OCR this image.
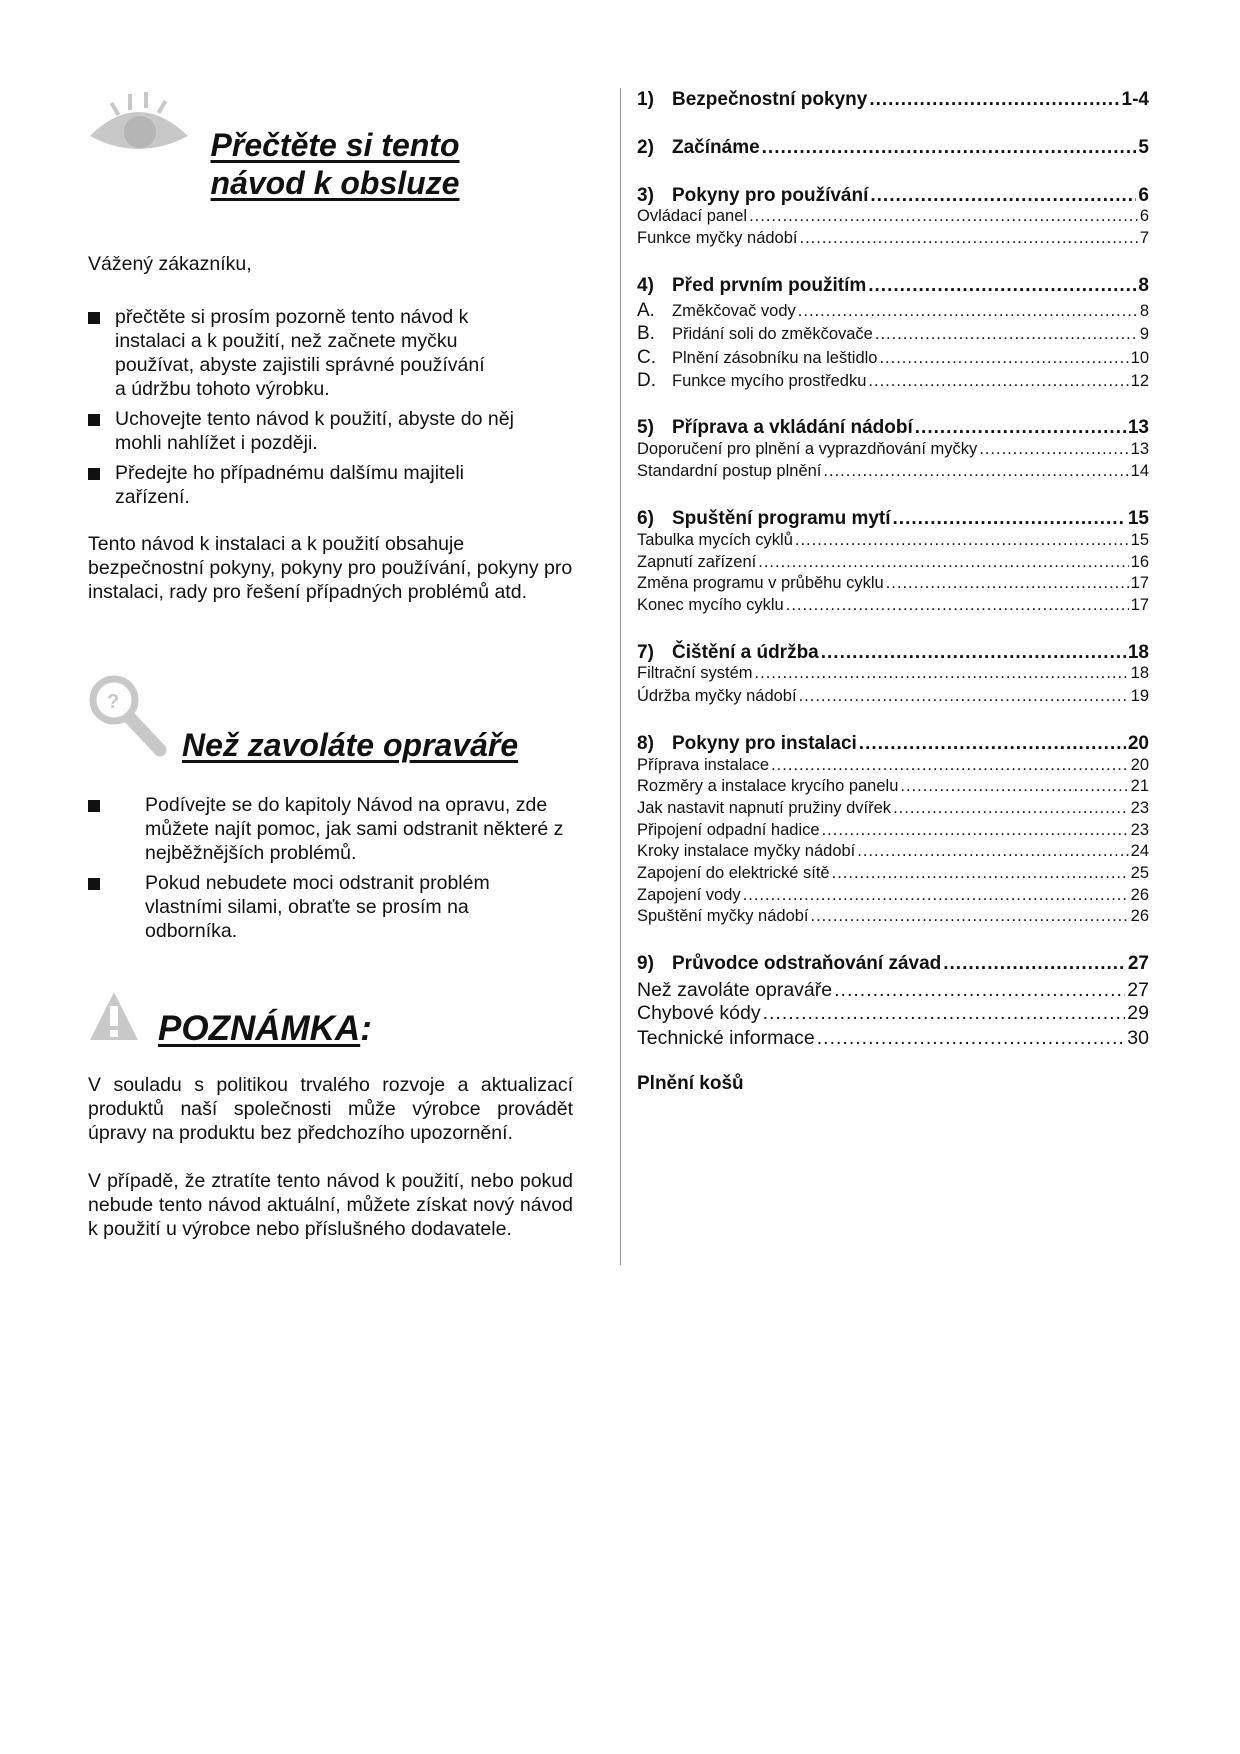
Přečtěte si tento
návod k obsluze
Vážený zákazníku,
přečtěte si prosím pozorně tento návod k instalaci a k použití, než začnete myčku používat, abyste zajistili správné používání a údržbu tohoto výrobku.
Uchovejte tento návod k použití, abyste do něj mohli nahlížet i později.
Předejte ho případnému dalšímu majiteli zařízení.
Tento návod k instalaci a k použití obsahuje bezpečnostní pokyny, pokyny pro používání, pokyny pro instalaci, rady pro řešení případných problémů atd.
?
Než zavoláte opraváře
Podívejte se do kapitoly Návod na opravu, zde můžete najít pomoc, jak sami odstranit některé z nejběžnějších problémů.
Pokud nebudete moci odstranit problém vlastními silami, obraťte se prosím na odborníka.
POZNÁMKA:
V souladu s politikou trvalého rozvoje a aktualizací produktů naší společnosti může výrobce provádět úpravy na produktu bez předchozího upozornění.
V případě, že ztratíte tento návod k použití, nebo pokud nebude tento návod aktuální, můžete získat nový návod k použití u výrobce nebo příslušného dodavatele.
1) Bezpečnostní pokyny .....	1-4
2) Začínáme .....	5
3) Pokyny pro používání .....	6
Ovládací panel .....	6
Funkce myčky nádobí .....	7
4) Před prvním použitím .....	8
A.	Změkčovač vody .....	8
B.	Přidání soli do změkčovače .....	9
C. Plnění zásobníku na leštidlo .....	10
D. Funkce mycího prostředku .....	12
5) Příprava a vkládání nádobí .....	13
Doporučení pro plnění a vyprazdňování myčky .....	13
Standardní postup plnění .....	14
6) Spuštění programu mytí .....	15
Tabulka mycích cyklů .....	15
Zapnutí zařízení .....	16
Změna programu v průběhu cyklu .....	17
Konec mycího cyklu .....	17
7) Čištění a údržba .....	18
Filtrační systém .....	18
Údržba myčky nádobí .....	19
8) Pokyny pro instalaci .....	20
Příprava instalace .....	20
Rozměry a instalace krycího panelu .....	21
Jak nastavit napnutí pružiny dvířek .....	23
Připojení odpadní hadice .....	23
Kroky instalace myčky nádobí .....	24
Zapojení do elektrické sítě .....	25
Zapojení vody .....	26
Spuštění myčky nádobí .....	26
9) Průvodce odstraňování závad .....	27
Než zavoláte opraváře .....	27
Chybové kódy .....	29
Technické informace .....	30
Plnění košů
